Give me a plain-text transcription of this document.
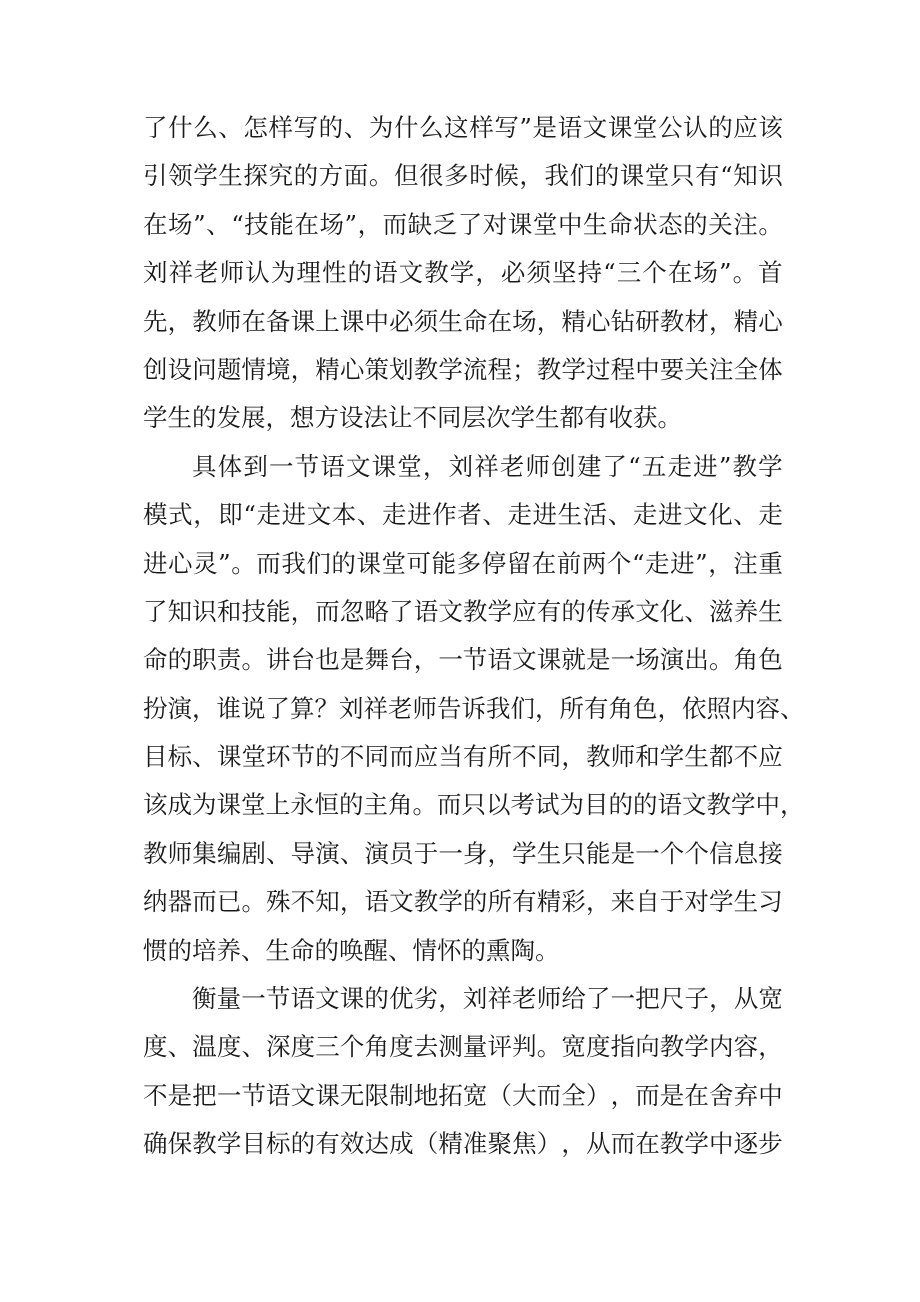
了 什 么 、 怎 样 写 的 、 为 什 么 这 样 写 ” 是 语 文 课 堂 公 认 的 应 该
引 领 学 生 探 究 的 方 面 。 但 很 多 时 候 ， 我 们 的 课 堂 只 有 “ 知 识
在 场 ” 、 “ 技 能 在 场 ” ， 而 缺 乏 了 对 课 堂 中 生 命 状 态 的 关 注 。
刘 祥 老 师 认 为 理 性 的 语 文 教 学 ， 必 须 坚 持 “ 三 个 在 场 ” 。 首
先 ， 教 师 在 备 课 上 课 中 必 须 生 命 在 场 ， 精 心 钻 研 教 材 ， 精 心
创 设 问 题 情 境 ， 精 心 策 划 教 学 流 程 ； 教 学 过 程 中 要 关 注 全 体
学生的发展，想方设法让不同层次学生都有收获。
具 体 到 一 节 语 文 课 堂 ， 刘 祥 老 师 创 建 了 “ 五 走 进 ” 教 学
模 式 ， 即 “ 走 进 文 本 、 走 进 作 者 、 走 进 生 活 、 走 进 文 化 、 走
进 心 灵 ” 。 而 我 们 的 课 堂 可 能 多 停 留 在 前 两 个 “ 走 进 ” ， 注 重
了 知 识 和 技 能 ， 而 忽 略 了 语 文 教 学 应 有 的 传 承 文 化 、 滋 养 生
命 的 职 责 。 讲 台 也 是 舞 台 ， 一 节 语 文 课 就 是 一 场 演 出 。 角 色
扮 演 ， 谁 说 了 算 ？ 刘 祥 老 师 告 诉 我 们 ， 所 有 角 色 ， 依 照 内 容 、
目 标 、 课 堂 环 节 的 不 同 而 应 当 有 所 不 同 ， 教 师 和 学 生 都 不 应
该 成 为 课 堂 上 永 恒 的 主 角 。 而 只 以 考 试 为 目 的 的 语 文 教 学 中 ，
教 师 集 编 剧 、 导 演 、 演 员 于 一 身 ， 学 生 只 能 是 一 个 个 信 息 接
纳 器 而 已 。 殊 不 知 ， 语 文 教 学 的 所 有 精 彩 ， 来 自 于 对 学 生 习
惯的培养、生命的唤醒、情怀的熏陶。
衡 量 一 节 语 文 课 的 优 劣 ， 刘 祥 老 师 给 了 一 把 尺 子 ， 从 宽
度 、 温 度 、 深 度 三 个 角 度 去 测 量 评 判 。 宽 度 指 向 教 学 内 容 ，
不 是 把 一 节 语 文 课 无 限 制 地 拓 宽 （ 大 而 全 ） ， 而 是 在 舍 弃 中
确 保 教 学 目 标 的 有 效 达 成 （ 精 准 聚 焦 ） ， 从 而 在 教 学 中 逐 步
